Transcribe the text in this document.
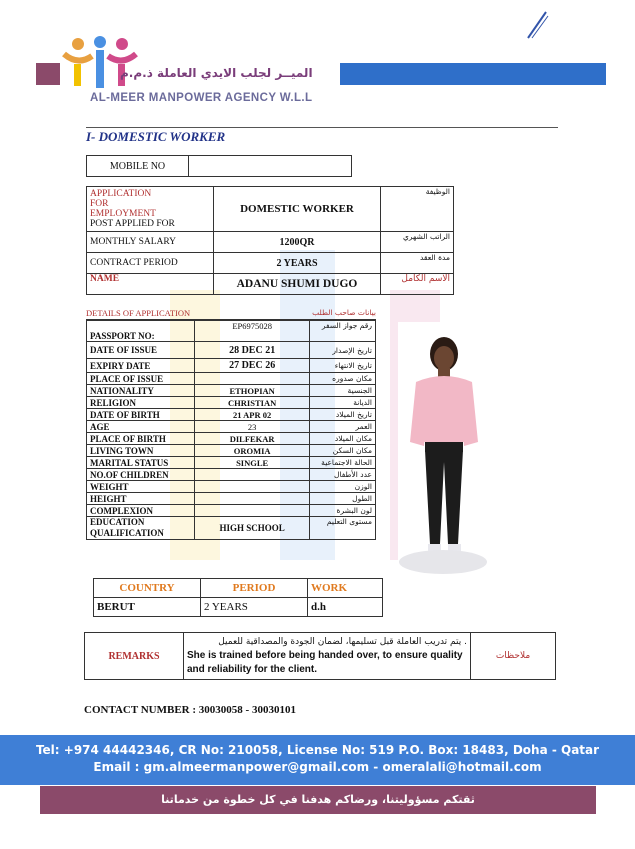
الميــر لجلب الايدي العاملة ذ.م.م
AL-MEER MANPOWER AGENCY W.L.L
I- DOMESTIC WORKER
MOBILE NO	
APPLICATION
FOR
EMPLOYMENT
POST APPLIED FOR	DOMESTIC WORKER	الوظيفة
MONTHLY SALARY	1200QR	الراتب الشهري
CONTRACT PERIOD	2 YEARS	مدة العقد
NAME	ADANU SHUMI DUGO	الاسم الكامل
DETAILS OF APPLICATION	بيانات صاحب الطلب
PASSPORT NO:	EP6975028	رقم جواز السفر
DATE OF ISSUE	28 DEC 21	تاريخ الإصدار
EXPIRY DATE	27 DEC 26	تاريخ الانتهاء
PLACE OF ISSUE		مكان صدوره
NATIONALITY	ETHOPIAN	الجنسية
RELIGION	CHRISTIAN	الديانة
DATE OF BIRTH	21 APR 02	تاريخ الميلاد
AGE	23	العمر
PLACE OF BIRTH	DILFEKAR	مكان الميلاد
LIVING TOWN	OROMIA	مكان السكن
MARITAL STATUS	SINGLE	الحالة الاجتماعية
NO.OF CHILDREN		عدد الأطفال
WEIGHT		الوزن
HEIGHT		الطول
COMPLEXION		لون البشرة
EDUCATION
QUALIFICATION	HIGH SCHOOL	مستوى التعليم
COUNTRY	PERIOD	WORK
BERUT	2 YEARS	d.h
REMARKS	
يتم تدريب العاملة قبل تسليمها، لضمان الجودة والمصداقية للعميل .
She is trained before being handed over, to ensure quality and reliability for the client.
	ملاحظات
CONTACT NUMBER : 30030058 - 30030101
Tel: +974 44442346, CR No: 210058, License No: 519 P.O. Box: 18483, Doha - Qatar
Email : gm.almeermanpower@gmail.com - omeralali@hotmail.com
ثقتكم مسؤوليتنا، ورضاكم هدفنا في كل خطوة من خدماتنا
